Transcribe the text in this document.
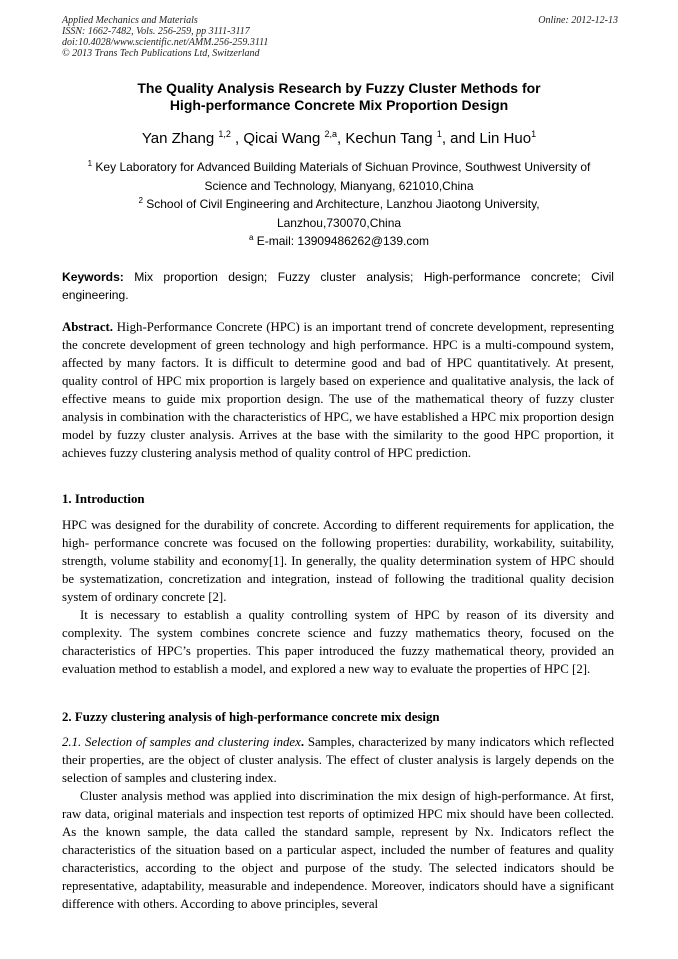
Applied Mechanics and Materials
ISSN: 1662-7482, Vols. 256-259, pp 3111-3117
doi:10.4028/www.scientific.net/AMM.256-259.3111
© 2013 Trans Tech Publications Ltd, Switzerland
Online: 2012-12-13
The Quality Analysis Research by Fuzzy Cluster Methods for
High-performance Concrete Mix Proportion Design
Yan Zhang $^{1,2}$ , Qicai Wang $^{2,a}$, Kechun Tang $^1$, and Lin Huo$^1$
$^1$ Key Laboratory for Advanced Building Materials of Sichuan Province, Southwest University of
Science and Technology, Mianyang, 621010,China
$^2$ School of Civil Engineering and Architecture, Lanzhou Jiaotong University,
Lanzhou,730070,China
$^a$ E-mail: 13909486262@139.com
Keywords: Mix proportion design; Fuzzy cluster analysis; High-performance concrete; Civil engineering.

Abstract. High-Performance Concrete (HPC) is an important trend of concrete development, representing the concrete development of green technology and high performance. HPC is a multi-compound system, affected by many factors. It is difficult to determine good and bad of HPC quantitatively. At present, quality control of HPC mix proportion is largely based on experience and qualitative analysis, the lack of effective means to guide mix proportion design. The use of the mathematical theory of fuzzy cluster analysis in combination with the characteristics of HPC, we have established a HPC mix proportion design model by fuzzy cluster analysis. Arrives at the base with the similarity to the good HPC proportion, it achieves fuzzy clustering analysis method of quality control of HPC prediction.

1. Introduction

HPC was designed for the durability of concrete. According to different requirements for application, the high- performance concrete was focused on the following properties: durability, workability, suitability, strength, volume stability and economy[1]. In generally, the quality determination system of HPC should be systematization, concretization and integration, instead of following the traditional quality decision system of ordinary concrete [2].

It is necessary to establish a quality controlling system of HPC by reason of its diversity and complexity. The system combines concrete science and fuzzy mathematics theory, focused on the characteristics of HPC’s properties. This paper introduced the fuzzy mathematical theory, provided an evaluation method to establish a model, and explored a new way to evaluate the properties of HPC [2].

2. Fuzzy clustering analysis of high-performance concrete mix design

2.1. Selection of samples and clustering index. Samples, characterized by many indicators which reflected their properties, are the object of cluster analysis. The effect of cluster analysis is largely depends on the selection of samples and clustering index.

Cluster analysis method was applied into discrimination the mix design of high-performance. At first, raw data, original materials and inspection test reports of optimized HPC mix should have been collected. As the known sample, the data called the standard sample, represent by Nx. Indicators reflect the characteristics of the situation based on a particular aspect, included the number of features and quality characteristics, according to the object and purpose of the study. The selected indicators should be representative, adaptability, measurable and independence. Moreover, indicators should have a significant difference with others. According to above principles, several
